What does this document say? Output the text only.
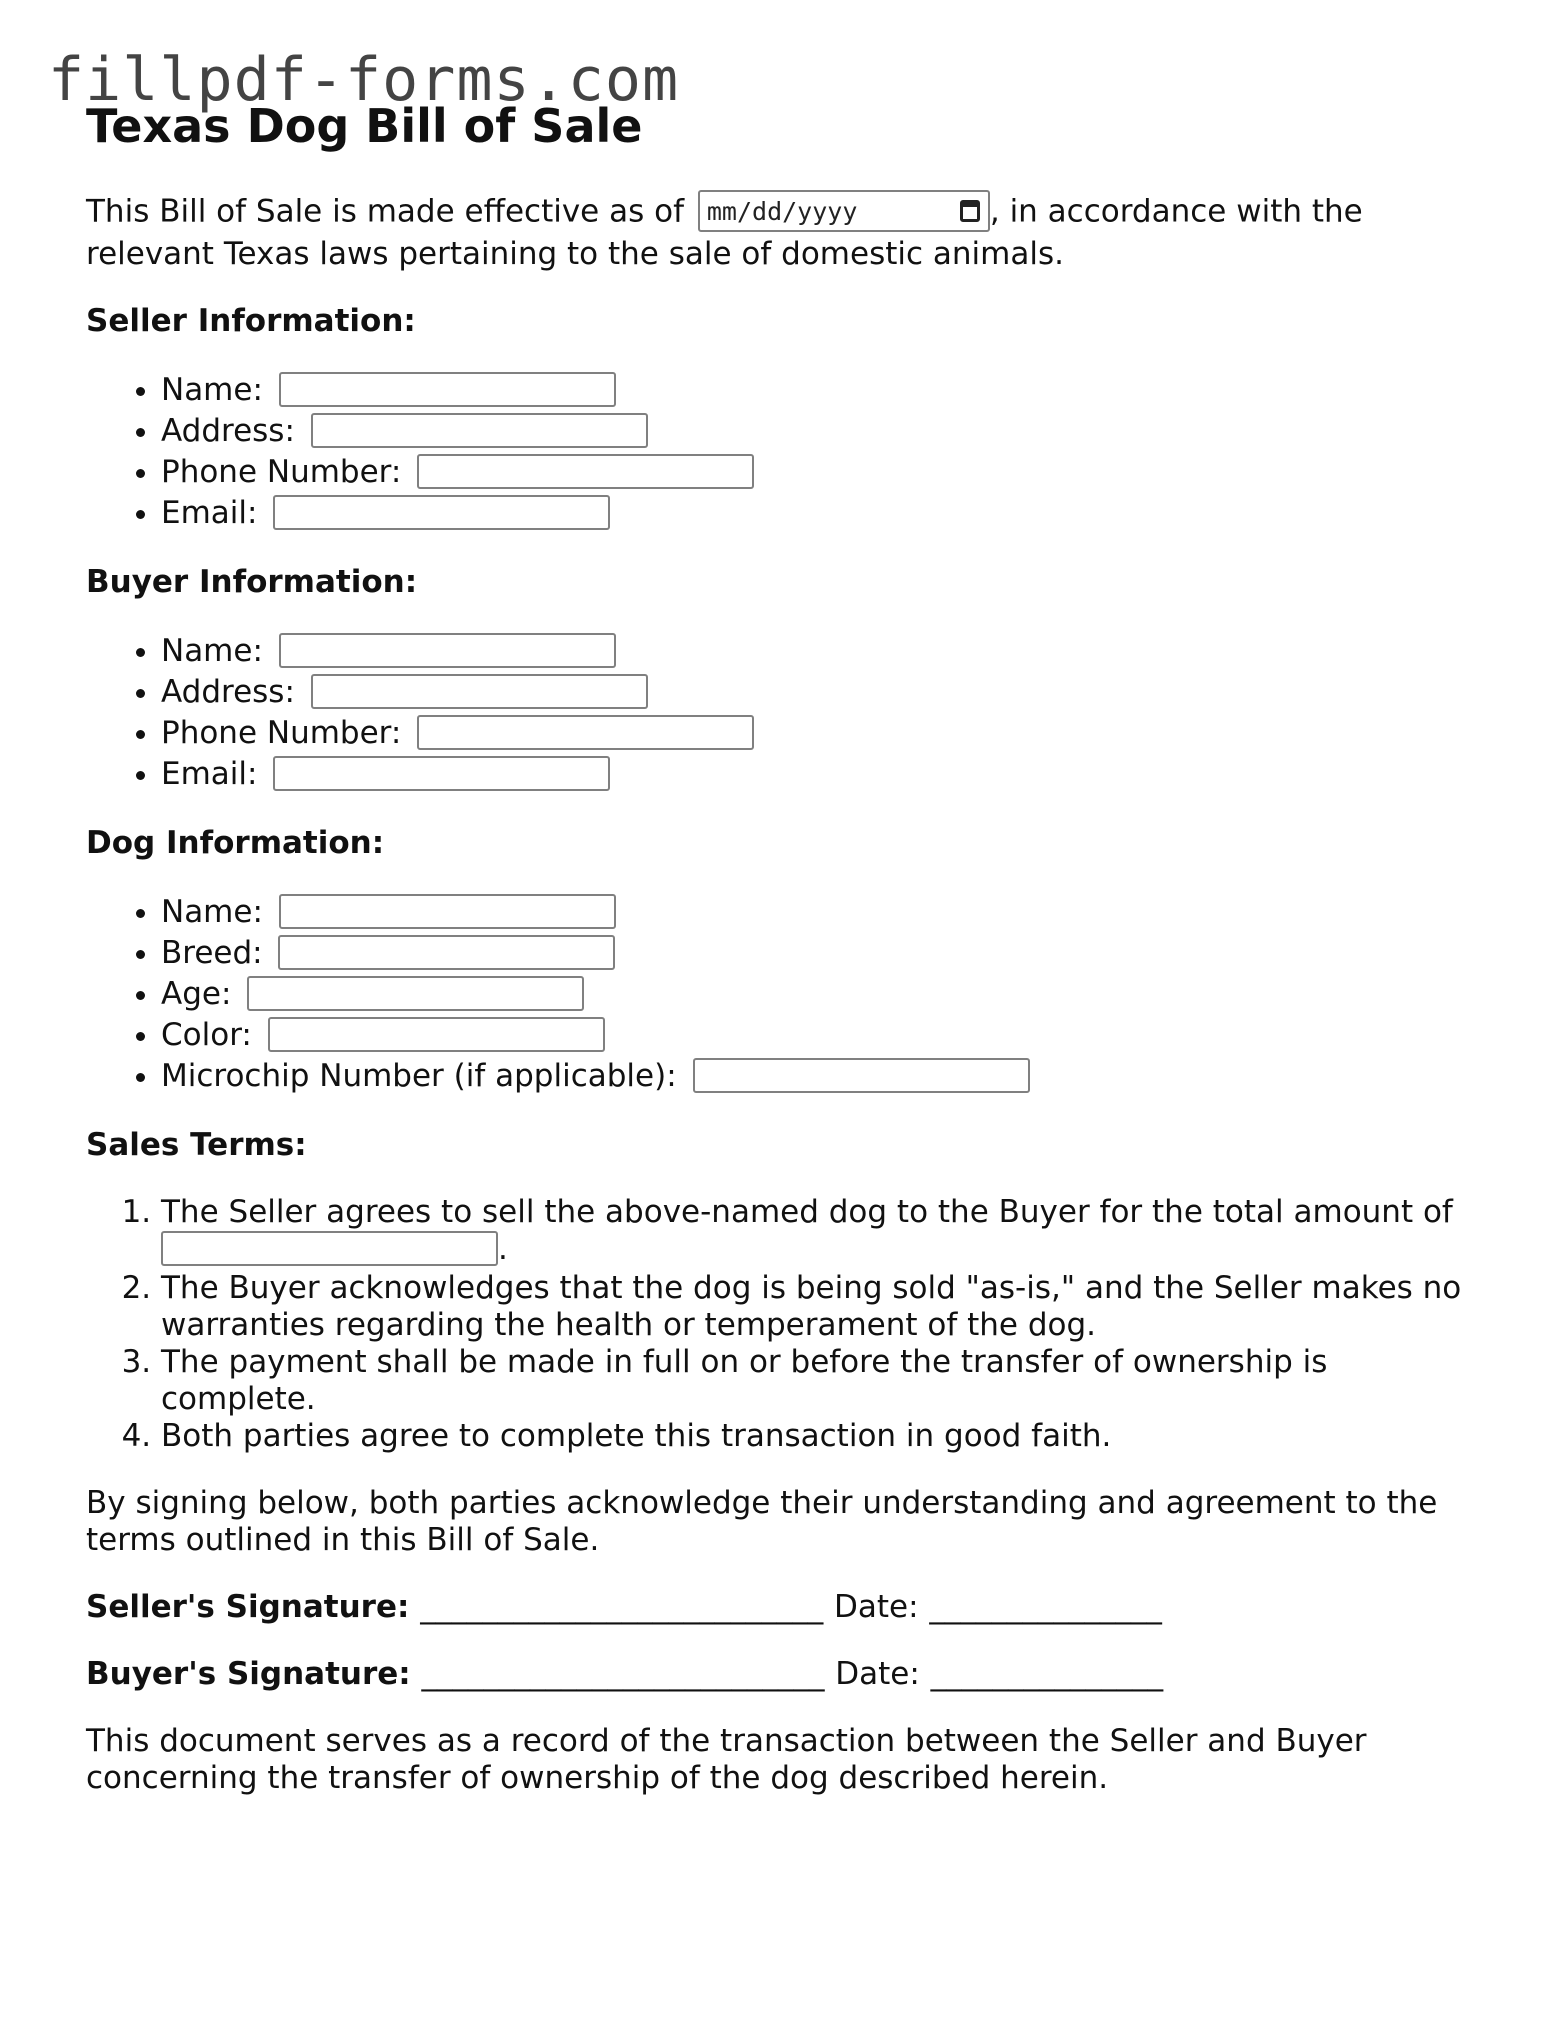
fillpdf-forms.com
Texas Dog Bill of Sale

This Bill of Sale is made effective as of mm/dd/yyyy	, in accordance with the relevant Texas laws pertaining to the sale of domestic animals.

Seller Information:
• Name:
• Address:
• Phone Number:
• Email:
Buyer Information:
• Name:
• Address:
• Phone Number:
• Email:
Dog Information:
• Name:
• Breed:
• Age:
• Color:
• Microchip Number (if applicable):
Sales Terms:
1. The Seller agrees to sell the above-named dog to the Buyer for the total amount of
.
2. The Buyer acknowledges that the dog is being sold "as-is," and the Seller makes no warranties regarding the health or temperament of the dog.
3. The payment shall be made in full on or before the transfer of ownership is complete.
4. Both parties agree to complete this transaction in good faith.

By signing below, both parties acknowledge their understanding and agreement to the terms outlined in this Bill of Sale.

Seller's Signature: __________________________ Date: _______________
Buyer's Signature: __________________________ Date: _______________

This document serves as a record of the transaction between the Seller and Buyer concerning the transfer of ownership of the dog described herein.
